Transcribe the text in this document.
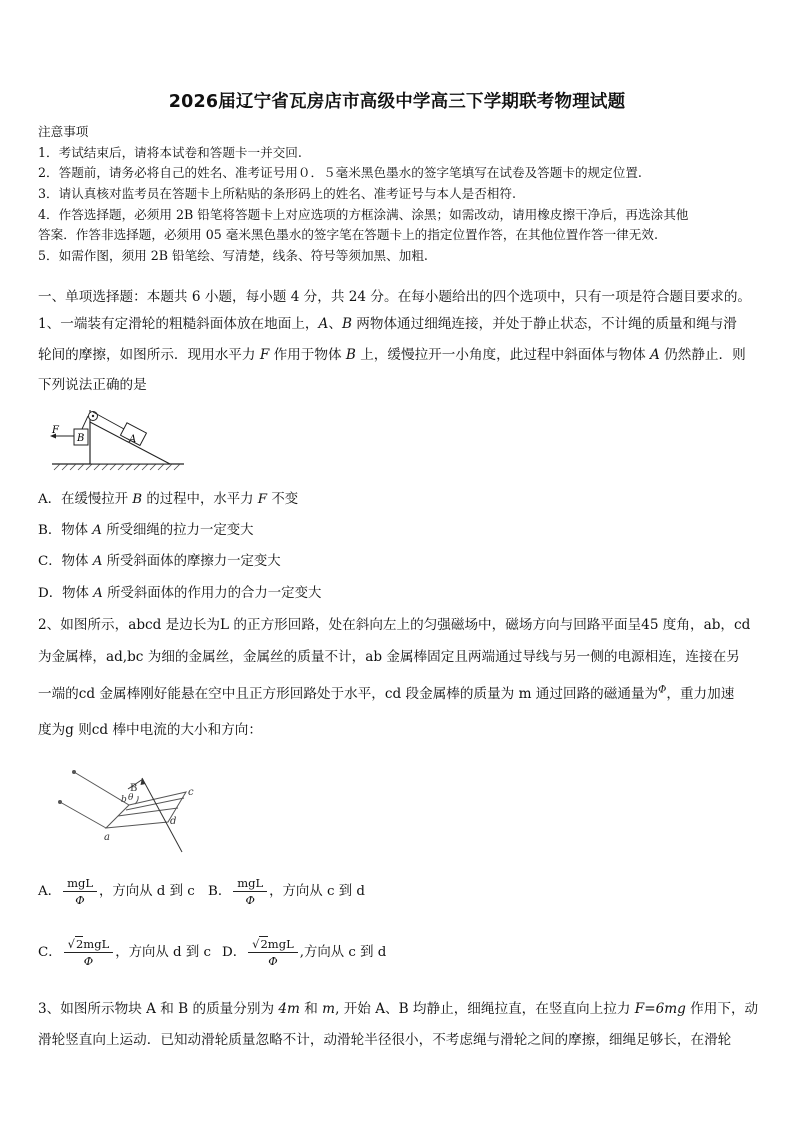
2026届辽宁省瓦房店市高级中学高三下学期联考物理试题
注意事项
1．考试结束后，请将本试卷和答题卡一并交回.
2．答题前，请务必将自己的姓名、准考证号用０．５毫米黑色墨水的签字笔填写在试卷及答题卡的规定位置.
3．请认真核对监考员在答题卡上所粘贴的条形码上的姓名、准考证号与本人是否相符.
4．作答选择题，必须用 2B 铅笔将答题卡上对应选项的方框涂满、涂黑；如需改动，请用橡皮擦干净后，再选涂其他
答案．作答非选择题，必须用 05 毫米黑色墨水的签字笔在答题卡上的指定位置作答，在其他位置作答一律无效.
5．如需作图，须用 2B 铅笔绘、写清楚，线条、符号等须加黑、加粗.
一、单项选择题：本题共 6 小题，每小题 4 分，共 24 分。在每小题给出的四个选项中，只有一项是符合题目要求的。
1、一端装有定滑轮的粗糙斜面体放在地面上，A、B 两物体通过细绳连接，并处于静止状态，不计绳的质量和绳与滑
轮间的摩擦，如图所示．现用水平力 F 作用于物体 B 上，缓慢拉开一小角度，此过程中斜面体与物体 A 仍然静止．则
下列说法正确的是
F
B	A
A．在缓慢拉开 B 的过程中，水平力 F 不变
B．物体 A 所受细绳的拉力一定变大
C．物体 A 所受斜面体的摩擦力一定变大
D．物体 A 所受斜面体的作用力的合力一定变大
2、如图所示，abcd 是边长为L 的正方形回路，处在斜向左上的匀强磁场中，磁场方向与回路平面呈45 度角，ab，cd
为金属棒，ad,bc 为细的金属丝，金属丝的质量不计，ab 金属棒固定且两端通过导线与另一侧的电源相连，连接在另
一端的cd 金属棒刚好能悬在空中且正方形回路处于水平，cd 段金属棒的质量为 m 通过回路的磁通量为$^\Phi$，重力加速
度为g 则cd 棒中电流的大小和方向：
B
b θ	c
d
a
A． $\frac{\text{mgL}}{\Phi}$ ，方向从 d 到 c B． $\frac{\text{mgL}}{\Phi}$ ，方向从 c 到 d
C． $\frac{\text{√2mgL}}{\Phi}$ ，方向从 d 到 c D． $\frac{\text{√2mgL}}{\Phi}$ ,方向从 c 到 d
3、如图所示物块 A 和 B 的质量分别为 4m 和 m, 开始 A、B 均静止，细绳拉直，在竖直向上拉力 F=6mg 作用下，动
滑轮竖直向上运动．已知动滑轮质量忽略不计，动滑轮半径很小，不考虑绳与滑轮之间的摩擦，细绳足够长，在滑轮
